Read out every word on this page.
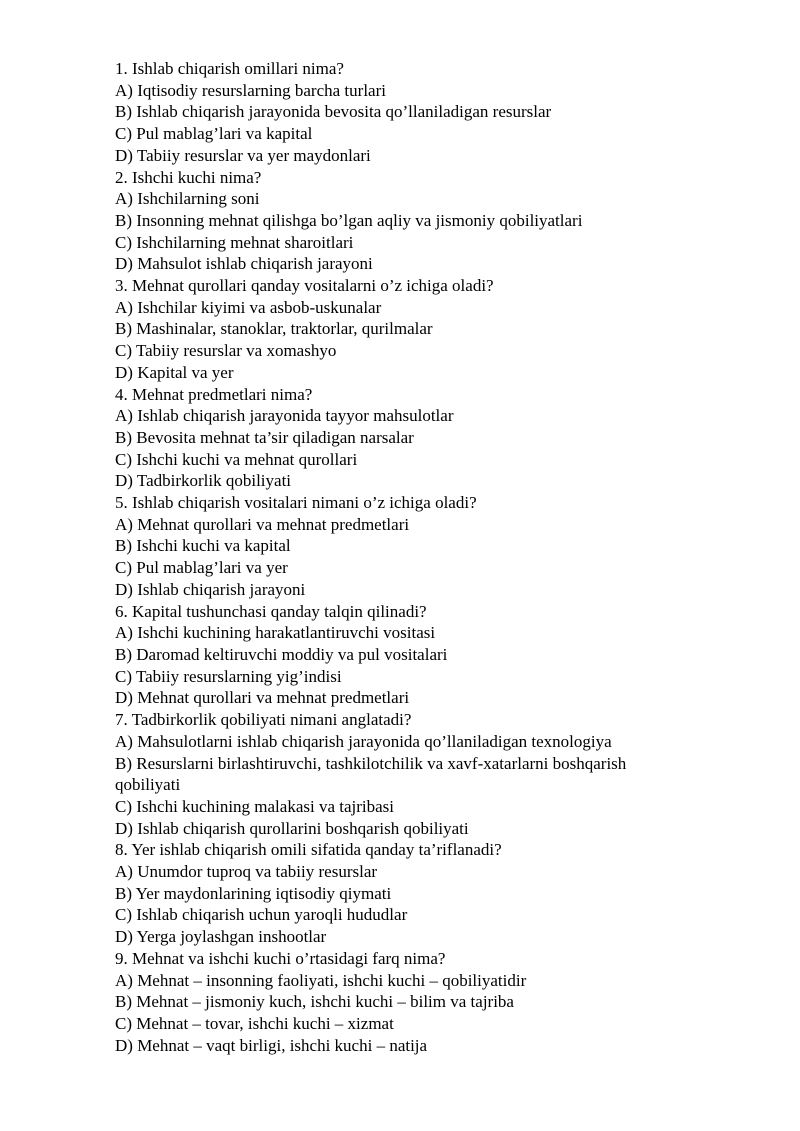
1. Ishlab chiqarish omillari nima?

A) Iqtisodiy resurslarning barcha turlari

B) Ishlab chiqarish jarayonida bevosita qo’llaniladigan resurslar

C) Pul mablag’lari va kapital

D) Tabiiy resurslar va yer maydonlari

2. Ishchi kuchi nima?

A) Ishchilarning soni

B) Insonning mehnat qilishga bo’lgan aqliy va jismoniy qobiliyatlari

C) Ishchilarning mehnat sharoitlari

D) Mahsulot ishlab chiqarish jarayoni

3. Mehnat qurollari qanday vositalarni o’z ichiga oladi?

A) Ishchilar kiyimi va asbob-uskunalar

B) Mashinalar, stanoklar, traktorlar, qurilmalar

C) Tabiiy resurslar va xomashyo

D) Kapital va yer

4. Mehnat predmetlari nima?

A) Ishlab chiqarish jarayonida tayyor mahsulotlar

B) Bevosita mehnat ta’sir qiladigan narsalar

C) Ishchi kuchi va mehnat qurollari

D) Tadbirkorlik qobiliyati

5. Ishlab chiqarish vositalari nimani o’z ichiga oladi?

A) Mehnat qurollari va mehnat predmetlari

B) Ishchi kuchi va kapital

C) Pul mablag’lari va yer

D) Ishlab chiqarish jarayoni

6. Kapital tushunchasi qanday talqin qilinadi?

A) Ishchi kuchining harakatlantiruvchi vositasi

B) Daromad keltiruvchi moddiy va pul vositalari

C) Tabiiy resurslarning yig’indisi

D) Mehnat qurollari va mehnat predmetlari

7. Tadbirkorlik qobiliyati nimani anglatadi?

A) Mahsulotlarni ishlab chiqarish jarayonida qo’llaniladigan texnologiya

B) Resurslarni birlashtiruvchi, tashkilotchilik va xavf-xatarlarni boshqarish qobiliyati

C) Ishchi kuchining malakasi va tajribasi

D) Ishlab chiqarish qurollarini boshqarish qobiliyati

8. Yer ishlab chiqarish omili sifatida qanday ta’riflanadi?

A) Unumdor tuproq va tabiiy resurslar

B) Yer maydonlarining iqtisodiy qiymati

C) Ishlab chiqarish uchun yaroqli hududlar

D) Yerga joylashgan inshootlar

9. Mehnat va ishchi kuchi o’rtasidagi farq nima?

A) Mehnat – insonning faoliyati, ishchi kuchi – qobiliyatidir

B) Mehnat – jismoniy kuch, ishchi kuchi – bilim va tajriba

C) Mehnat – tovar, ishchi kuchi – xizmat

D) Mehnat – vaqt birligi, ishchi kuchi – natija
